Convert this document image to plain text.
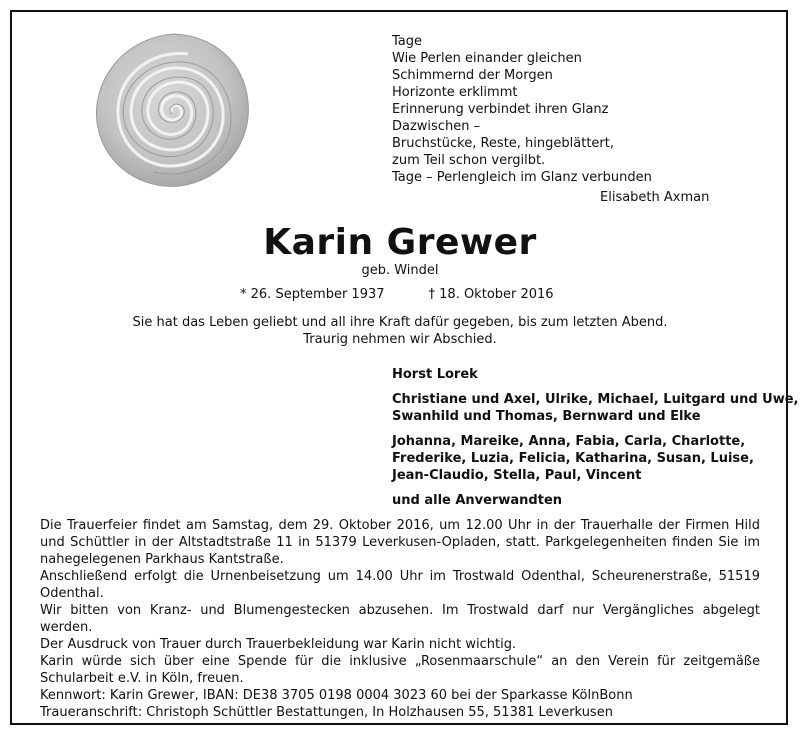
Tage
Wie Perlen einander gleichen
Schimmernd der Morgen
Horizonte erklimmt
Erinnerung verbindet ihren Glanz
Dazwischen –
Bruchstücke, Reste, hingeblättert,
zum Teil schon vergilbt.
Tage – Perlengleich im Glanz verbunden
Elisabeth Axman
Karin Grewer
geb. Windel
* 26. September 1937	† 18. Oktober 2016
Sie hat das Leben geliebt und all ihre Kraft dafür gegeben, bis zum letzten Abend.
Traurig nehmen wir Abschied.
Horst Lorek
Christiane und Axel, Ulrike, Michael, Luitgard und Uwe,
Swanhild und Thomas, Bernward und Elke
Johanna, Mareike, Anna, Fabia, Carla, Charlotte,
Frederike, Luzia, Felicia, Katharina, Susan, Luise,
Jean-Claudio, Stella, Paul, Vincent
und alle Anverwandten
Die Trauerfeier findet am Samstag, dem 29. Oktober 2016, um 12.00 Uhr in der Trauerhalle der Firmen Hild und Schüttler in der Altstadtstraße 11 in 51379 Leverkusen-Opladen, statt. Parkgelegenheiten finden Sie im nahegelegenen Parkhaus Kantstraße.
Anschließend erfolgt die Urnenbeisetzung um 14.00 Uhr im Trostwald Odenthal, Scheurenerstraße, 51519 Odenthal.
Wir bitten von Kranz- und Blumengestecken abzusehen. Im Trostwald darf nur Vergängliches abgelegt werden.
Der Ausdruck von Trauer durch Trauerbekleidung war Karin nicht wichtig.
Karin würde sich über eine Spende für die inklusive „Rosenmaarschule“ an den Verein für zeitgemäße Schularbeit e.V. in Köln, freuen.
Kennwort: Karin Grewer, IBAN: DE38 3705 0198 0004 3023 60 bei der Sparkasse KölnBonn
Traueranschrift: Christoph Schüttler Bestattungen, In Holzhausen 55, 51381 Leverkusen
